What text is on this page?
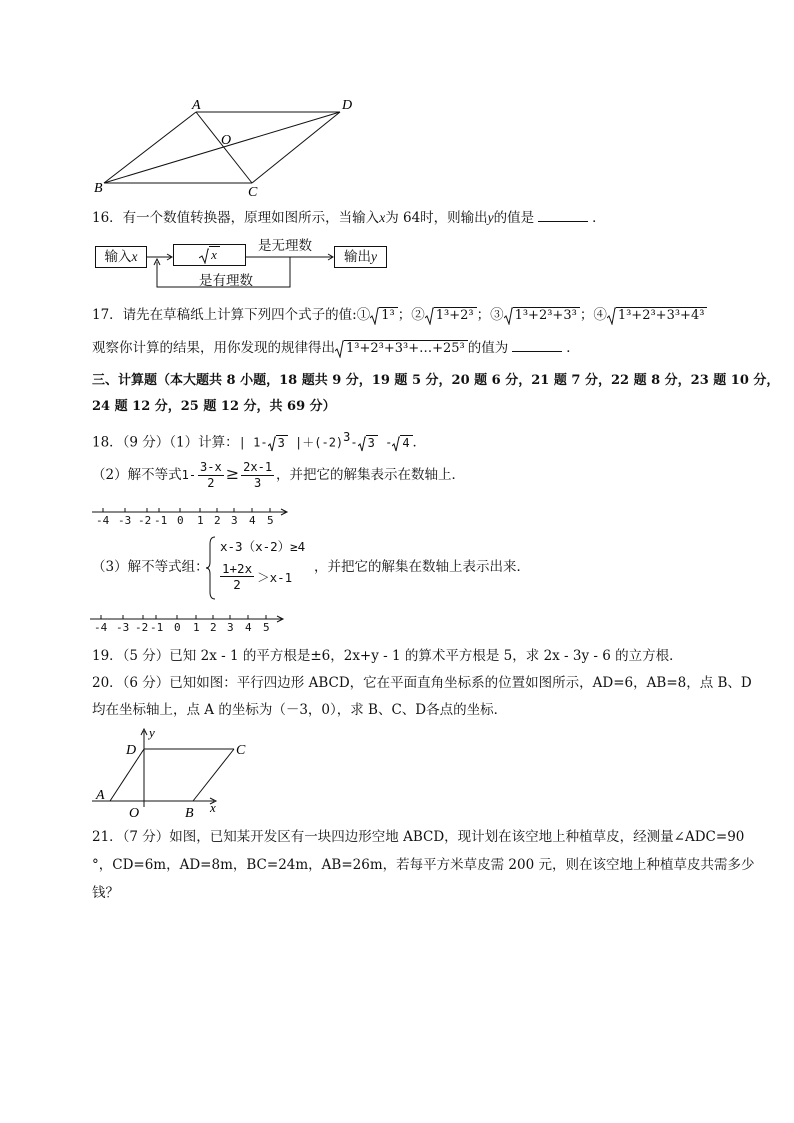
A	D
O
B	C
16．有一个数值转换器，原理如图所示，当输入x为 64时，则输出y的值是	．
输入x	x	输出y
是无理数
是有理数
17．请先在草稿纸上计算下列四个式子的值:① 1³ ；② 1³+2³ ；③ 1³+2³+3³ ；④ 1³+2³+3³+4³
观察你计算的结果，用你发现的规律得出 1³+2³+3³+…+25³ 的值为	．
三、计算题（本大题共 8 小题，18 题共 9 分，19 题 5 分，20 题 6 分，21 题 7 分，22 题 8 分，23 题 10 分，
24 题 12 分，25 题 12 分，共 69 分）
18．（9 分）（1）计算：| 1- 3 $|+(-2)^3-$ 3 - 4 ．
（2）解不等式$1- \frac{3-x}{2} \ge \frac{2x-1}{3}$ ，并把它的解集表示在数轴上．
-4 -3 -2 -1 0 1 2 3 4 5
（3）解不等式组：
x-3（x-2）≥4
$\frac{1+2x}{2} >x-1$
，并把它的解集在数轴上表示出来．
-4 -3 -2 -1 0 1 2 3 4 5
19．（5 分）已知 2x - 1 的平方根是±6，2x+y - 1 的算术平方根是 5，求 2x - 3y - 6 的立方根．
20．（6 分）已知如图：平行四边形 ABCD，它在平面直角坐标系的位置如图所示，AD=6，AB=8，点 B、D
均在坐标轴上，点 A 的坐标为（－3，0），求 B、C、D各点的坐标．
y
x
D	C
A
O	B
21．（7 分）如图，已知某开发区有一块四边形空地 ABCD，现计划在该空地上种植草皮，经测量∠ADC=90
°，CD=6m，AD=8m，BC=24m，AB=26m，若每平方米草皮需 200 元，则在该空地上种植草皮共需多少
钱？
